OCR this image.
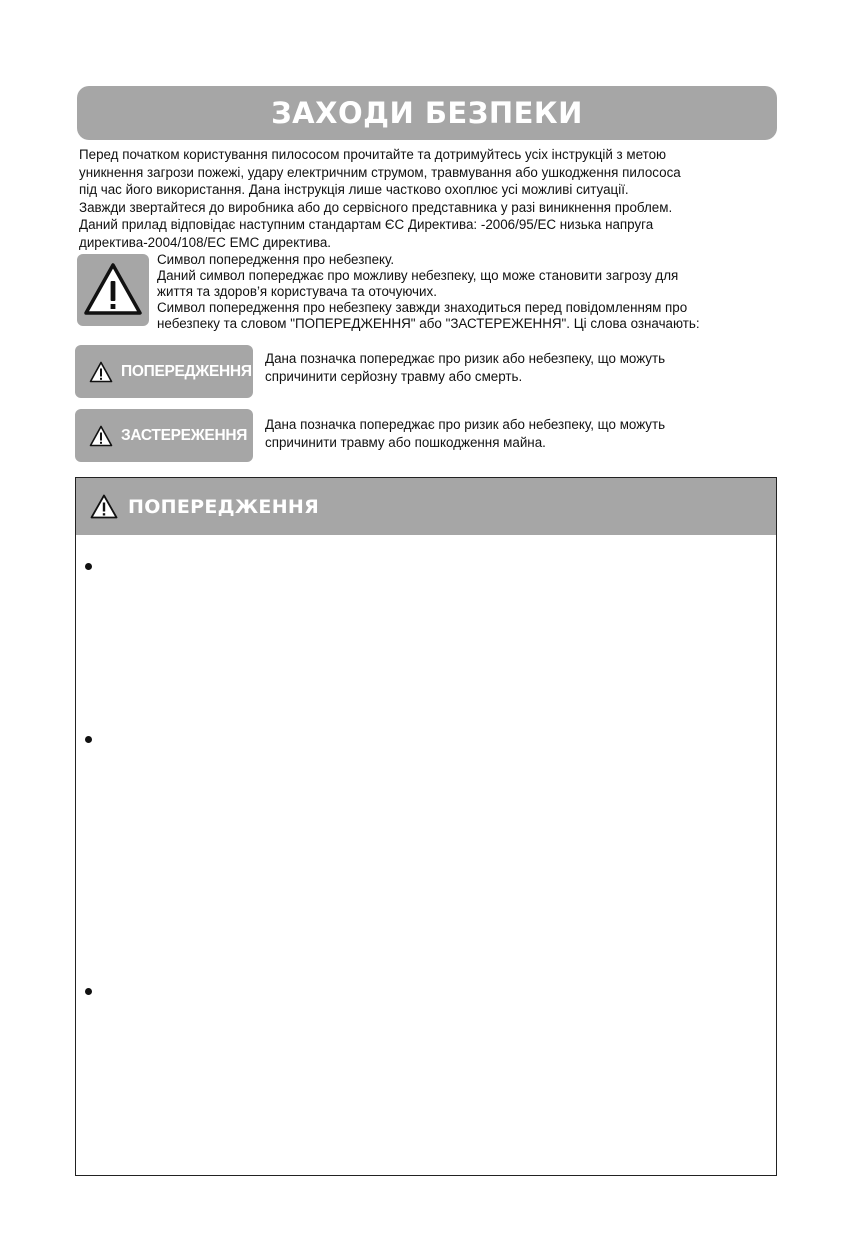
ЗАХОДИ БЕЗПЕКИ
Перед початком користування пилососом прочитайте та дотримуйтесь усіх інструкцій з метою
уникнення загрози пожежі, удару електричним струмом, травмування або ушкодження пилососа
під час його використання. Дана інструкція лише частково охоплює усі можливі ситуації.
Завжди звертайтеся до виробника або до сервісного представника у разі виникнення проблем.
Даний прилад відповідає наступним стандартам ЄС Директива: -2006/95/EC низька напруга
директива-2004/108/EC EMC директива.
Символ попередження про небезпеку.
Даний символ попереджає про можливу небезпеку, що може становити загрозу для
життя та здоров’я користувача та оточуючих.
Символ попередження про небезпеку завжди знаходиться перед повідомленням про
небезпеку та словом "ПОПЕРЕДЖЕННЯ" або "ЗАСТЕРЕЖЕННЯ". Ці слова означають:
ПОПЕРЕДЖЕННЯ
Дана позначка попереджає про ризик або небезпеку, що можуть
спричинити серйозну травму або смерть.
ЗАСТЕРЕЖЕННЯ
Дана позначка попереджає про ризик або небезпеку, що можуть
спричинити травму або пошкодження майна.
ПОПЕРЕДЖЕННЯ
